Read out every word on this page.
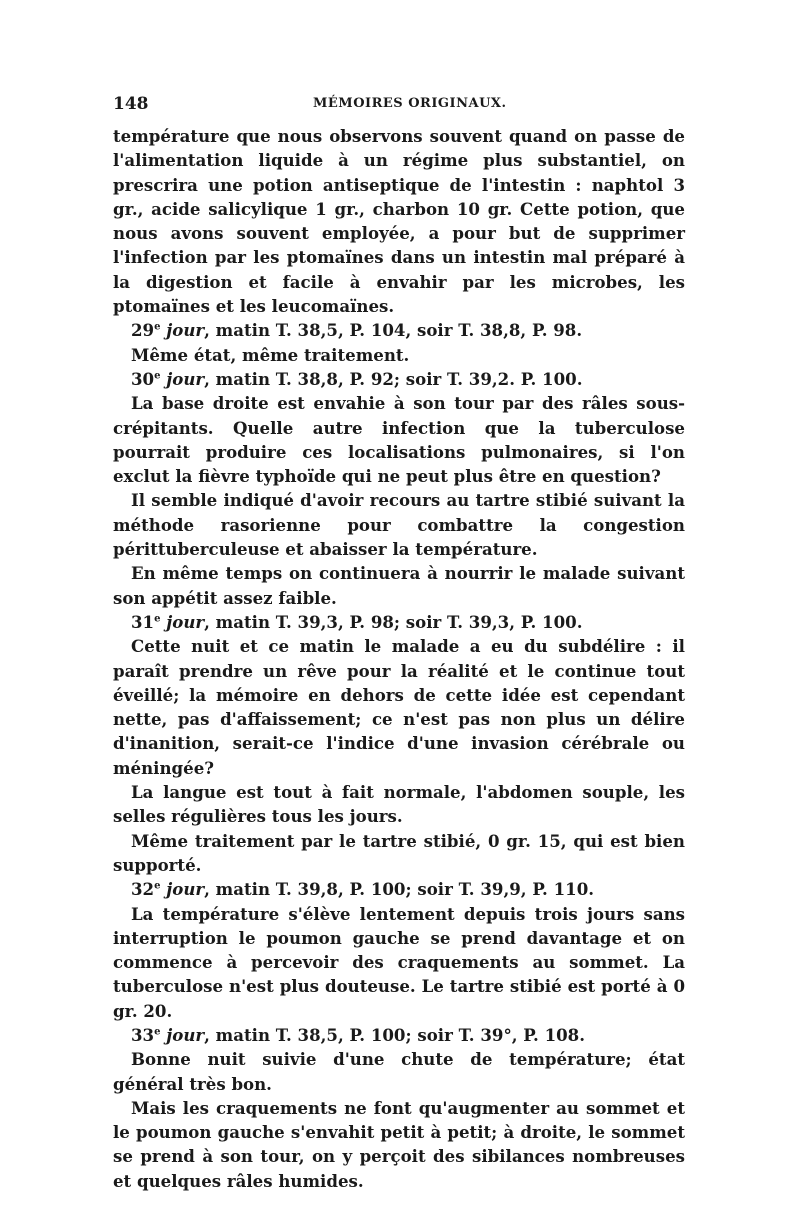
148	MÉMOIRES ORIGINAUX.

température que nous observons souvent quand on passe de l'alimentation liquide à un régime plus substantiel, on prescrira une potion antiseptique de l'intestin : naphtol 3 gr., acide salicylique 1 gr., charbon 10 gr. Cette potion, que nous avons souvent employée, a pour but de supprimer l'infection par les ptomaïnes dans un intestin mal préparé à la digestion et facile à envahir par les microbes, les ptomaïnes et les leucomaïnes.

29e jour, matin T. 38,5, P. 104, soir T. 38,8, P. 98.

Même état, même traitement.

30e jour, matin T. 38,8, P. 92; soir T. 39,2. P. 100.

La base droite est envahie à son tour par des râles sous-crépitants. Quelle autre infection que la tuberculose pourrait produire ces localisations pulmonaires, si l'on exclut la fièvre typhoïde qui ne peut plus être en question?

Il semble indiqué d'avoir recours au tartre stibié suivant la méthode rasorienne pour combattre la congestion périttuberculeuse et abaisser la température.

En même temps on continuera à nourrir le malade suivant son appétit assez faible.

31e jour, matin T. 39,3, P. 98; soir T. 39,3, P. 100.

Cette nuit et ce matin le malade a eu du subdélire : il paraît prendre un rêve pour la réalité et le continue tout éveillé; la mémoire en dehors de cette idée est cependant nette, pas d'affaissement; ce n'est pas non plus un délire d'inanition, serait-ce l'indice d'une invasion cérébrale ou méningée?

La langue est tout à fait normale, l'abdomen souple, les selles régulières tous les jours.

Même traitement par le tartre stibié, 0 gr. 15, qui est bien supporté.

32e jour, matin T. 39,8, P. 100; soir T. 39,9, P. 110.

La température s'élève lentement depuis trois jours sans interruption le poumon gauche se prend davantage et on commence à percevoir des craquements au sommet. La tuberculose n'est plus douteuse. Le tartre stibié est porté à 0 gr. 20.

33e jour, matin T. 38,5, P. 100; soir T. 39°, P. 108.

Bonne nuit suivie d'une chute de température; état général très bon.

Mais les craquements ne font qu'augmenter au sommet et le poumon gauche s'envahit petit à petit; à droite, le sommet se prend à son tour, on y perçoit des sibilances nombreuses et quelques râles humides.
